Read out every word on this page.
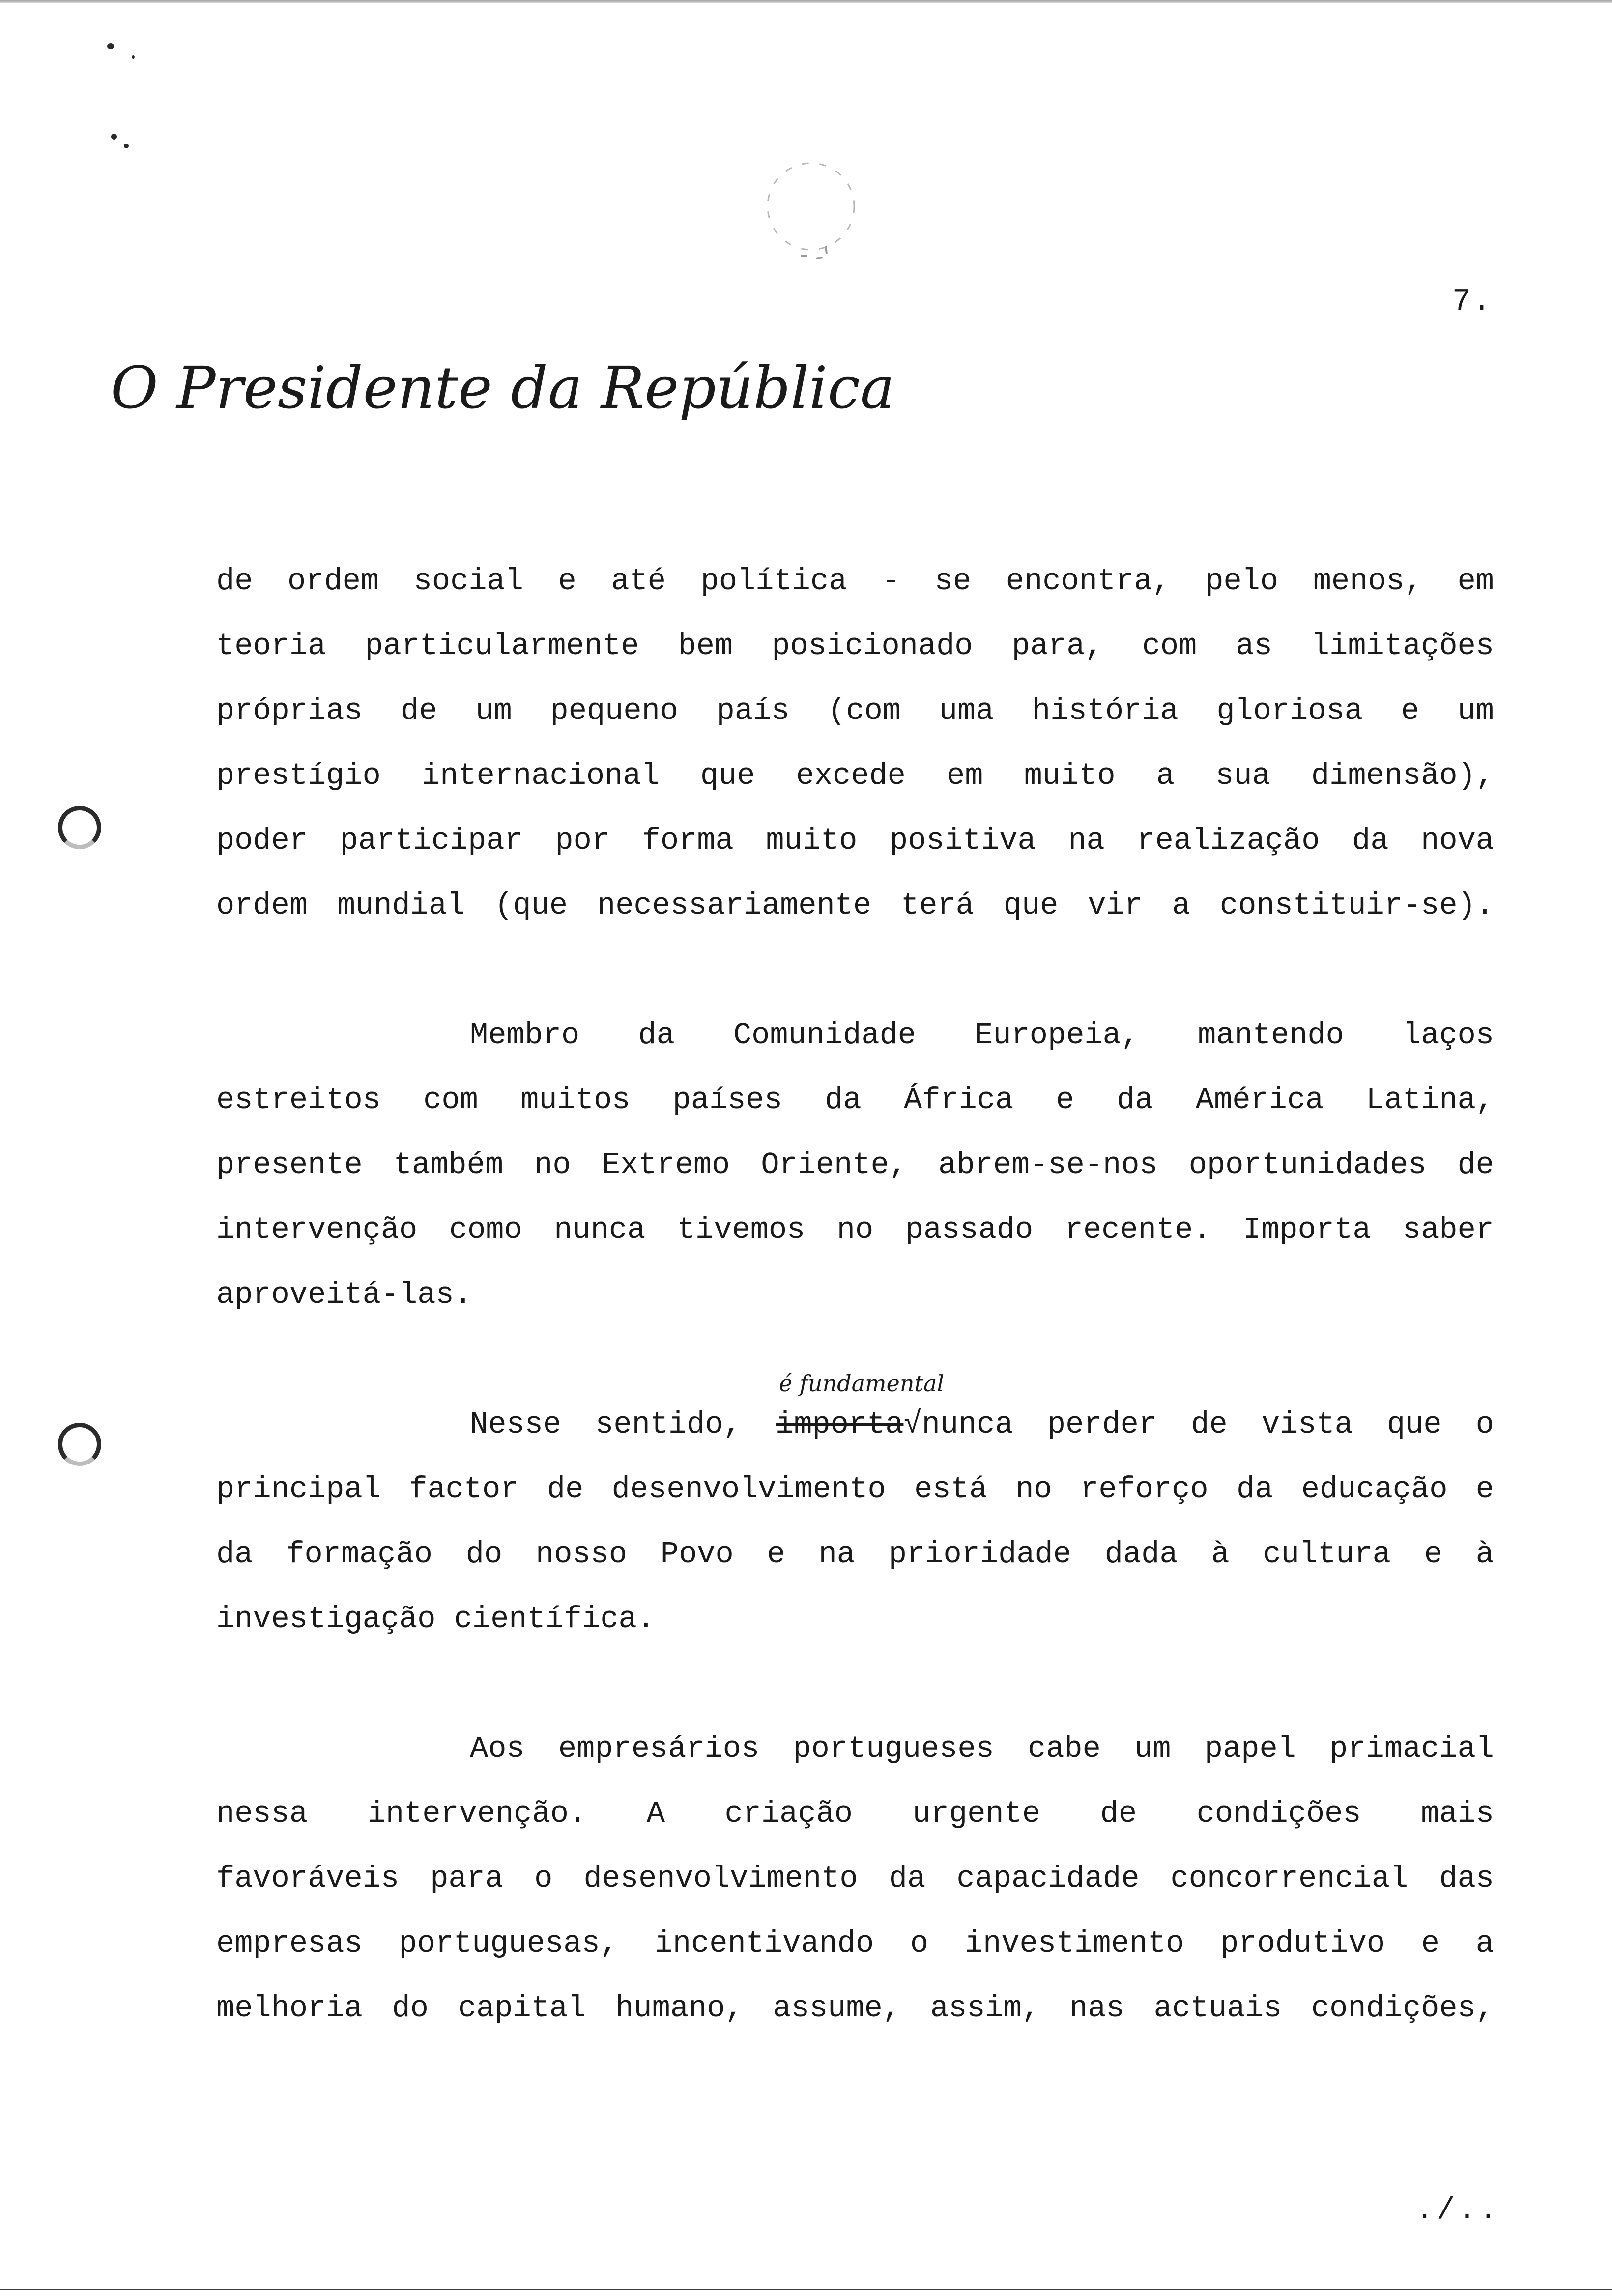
7.
O Presidente da República
de ordem social e até política - se encontra, pelo menos, em
teoria particularmente bem posicionado para, com as limitações
próprias de um pequeno país (com uma história gloriosa e um
prestígio internacional que excede em muito a sua dimensão),
poder participar por forma muito positiva na realização da nova
ordem mundial (que necessariamente terá que vir a constituir-se).
Membro da Comunidade Europeia, mantendo laços
estreitos com muitos países da África e da América Latina,
presente também no Extremo Oriente, abrem-se-nos oportunidades de
intervenção como nunca tivemos no passado recente. Importa saber
aproveitá-las.
é fundamental
Nesse sentido, importa√nunca perder de vista que o
principal factor de desenvolvimento está no reforço da educação e
da formação do nosso Povo e na prioridade dada à cultura e à
investigação científica.
Aos empresários portugueses cabe um papel primacial
nessa intervenção. A criação urgente de condições mais
favoráveis para o desenvolvimento da capacidade concorrencial das
empresas portuguesas, incentivando o investimento produtivo e a
melhoria do capital humano, assume, assim, nas actuais condições,
./..
